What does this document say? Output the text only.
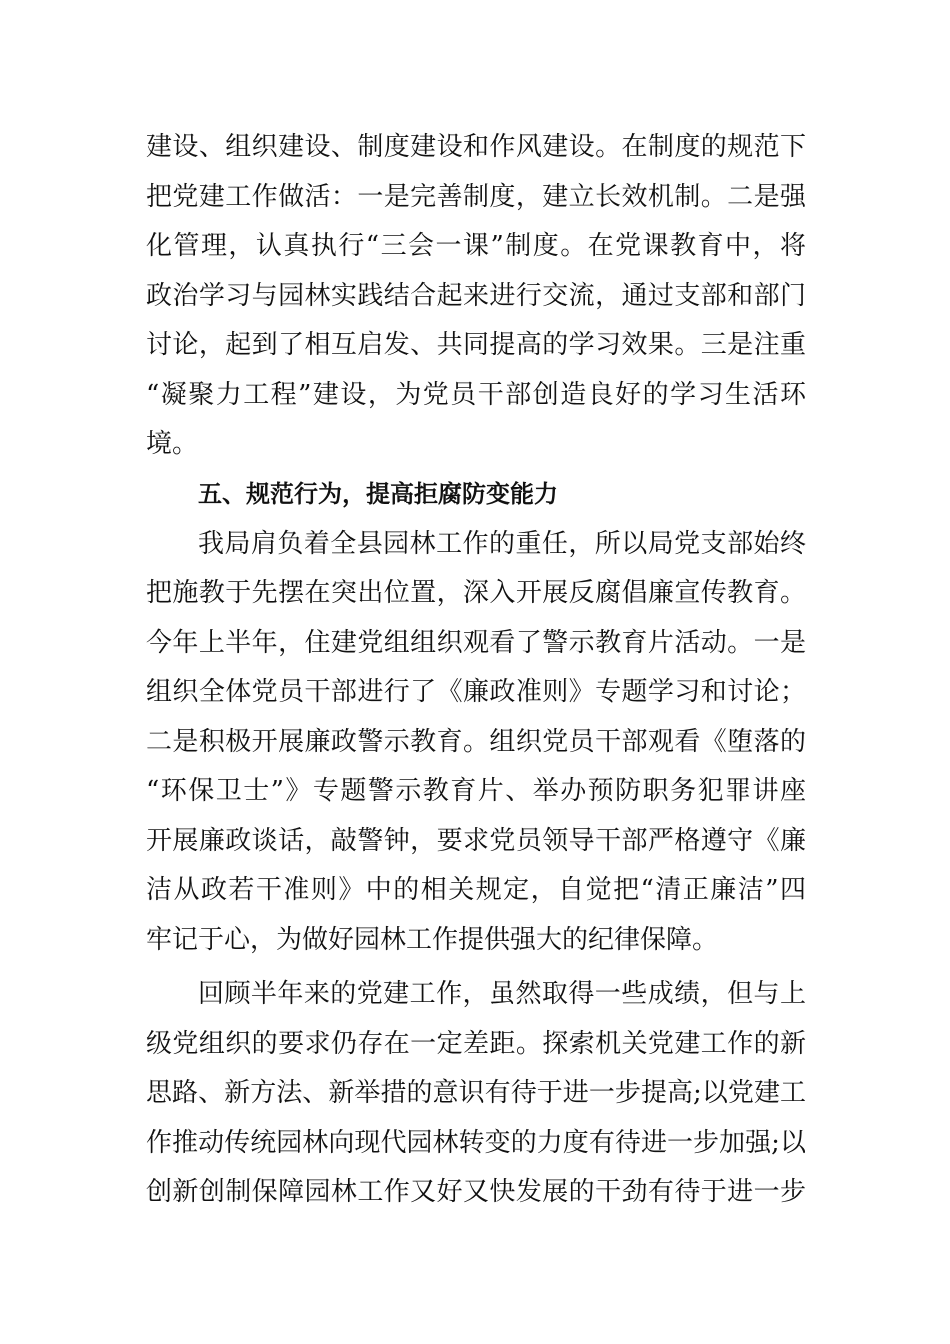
建设、组织建设、制度建设和作风建设。在制度的规范下
把党建工作做活：一是完善制度，建立长效机制。二是强
化管理，认真执行“三会一课”制度。在党课教育中，将
政治学习与园林实践结合起来进行交流，通过支部和部门
讨论，起到了相互启发、共同提高的学习效果。三是注重
“凝聚力工程”建设，为党员干部创造良好的学习生活环
境。
五、规范行为，提高拒腐防变能力
我局肩负着全县园林工作的重任，所以局党支部始终
把施教于先摆在突出位置，深入开展反腐倡廉宣传教育。
今年上半年，住建党组组织观看了警示教育片活动。一是
组织全体党员干部进行了《廉政准则》专题学习和讨论；
二是积极开展廉政警示教育。组织党员干部观看《堕落的
“环保卫士”》专题警示教育片、举办预防职务犯罪讲座
开展廉政谈话，敲警钟，要求党员领导干部严格遵守《廉
洁从政若干准则》中的相关规定，自觉把“清正廉洁”四
牢记于心，为做好园林工作提供强大的纪律保障。
回顾半年来的党建工作，虽然取得一些成绩，但与上
级党组织的要求仍存在一定差距。探索机关党建工作的新
思路、新方法、新举措的意识有待于进一步提高;以党建工
作推动传统园林向现代园林转变的力度有待进一步加强;以
创新创制保障园林工作又好又快发展的干劲有待于进一步
